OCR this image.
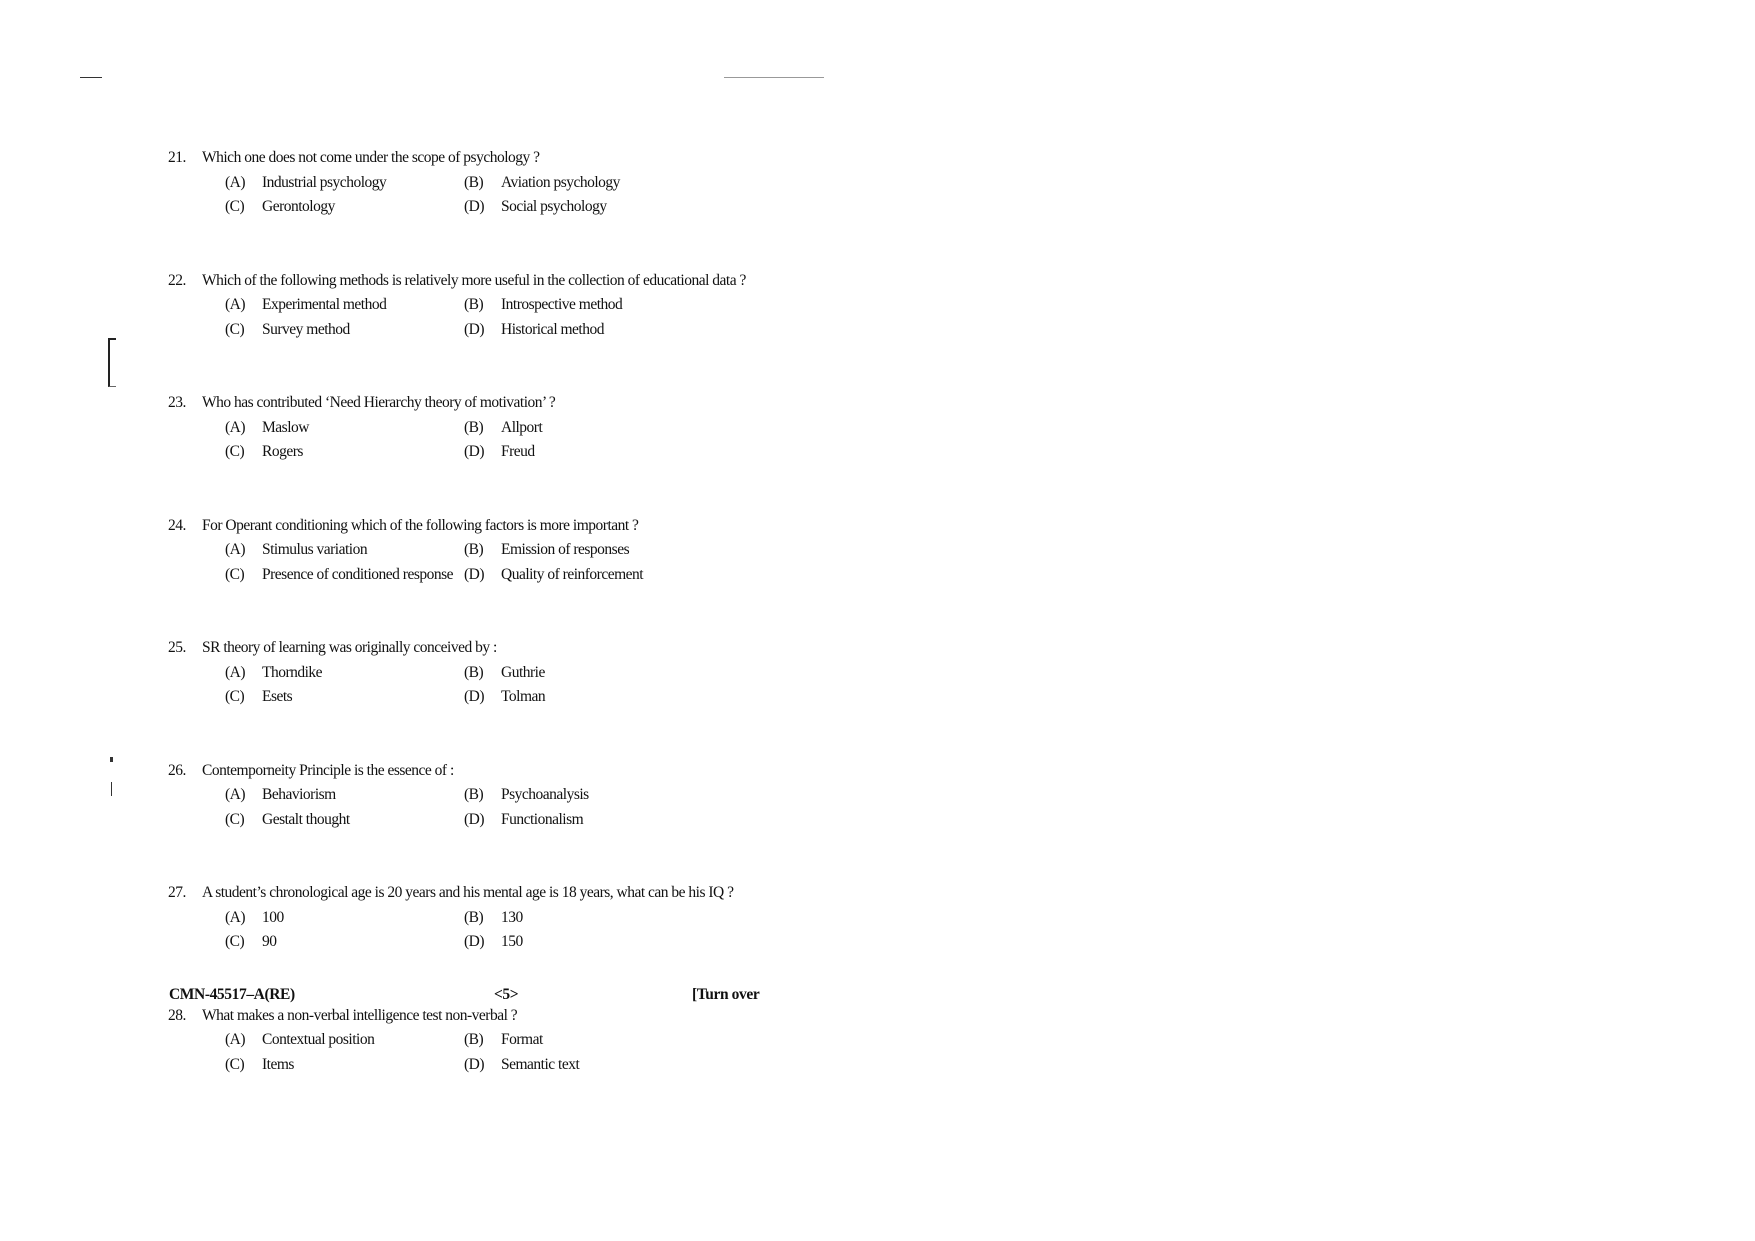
21.	Which one does not come under the scope of psychology ?
(A)	Industrial psychology	(B)	Aviation psychology
(C)	Gerontology	(D)	Social psychology
22.	Which of the following methods is relatively more useful in the collection of educational data ?
(A)	Experimental method	(B)	Introspective method
(C)	Survey method	(D)	Historical method
23.	Who has contributed ‘Need Hierarchy theory of motivation’ ?
(A)	Maslow	(B)	Allport
(C)	Rogers	(D)	Freud
24.	For Operant conditioning which of the following factors is more important ?
(A)	Stimulus variation	(B)	Emission of responses
(C)	Presence of conditioned response (D)	Quality of reinforcement
25.	SR theory of learning was originally conceived by :
(A)	Thorndike	(B)	Guthrie
(C)	Esets	(D)	Tolman
26.	Contemporneity Principle is the essence of :
(A)	Behaviorism	(B)	Psychoanalysis
(C)	Gestalt thought	(D)	Functionalism
27.	A student’s chronological age is 20 years and his mental age is 18 years, what can be his IQ ?
(A)	100	(B)	130
(C)	90	(D)	150
28.	What makes a non-verbal intelligence test non-verbal ?
(A)	Contextual position	(B)	Format
(C)	Items	(D)	Semantic text
CMN-45517–A(RE)	<5>	[Turn over
